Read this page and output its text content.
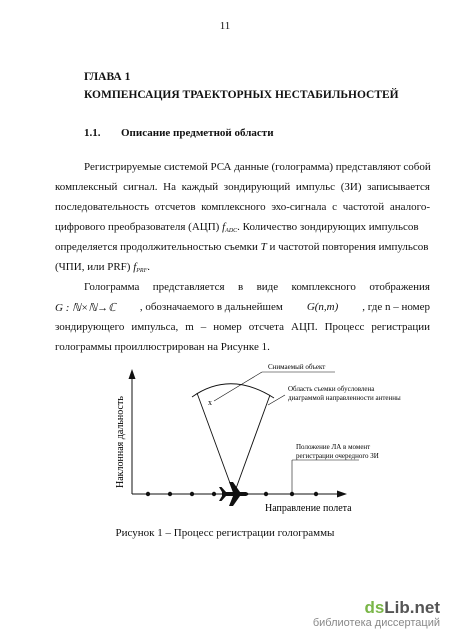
11
ГЛАВА 1
КОМПЕНСАЦИЯ ТРАЕКТОРНЫХ НЕСТАБИЛЬНОСТЕЙ
1.1. Описание предметной области
Регистрируемые системой РСА данные (голограмма) представляют собой
комплексный сигнал. На каждый зондирующий импульс (ЗИ) записывается
последовательность отсчетов комплексного эхо-сигнала с частотой аналого-
цифрового преобразователя (АЦП) $f_{ADC}$. Количество зондирующих импульсов
определяется продолжительностью съемки T и частотой повторения импульсов
(ЧПИ, или PRF) $f_{PRF}$.
Голограмма представляется в виде комплексного отображения
G : ℕ×ℕ→ℂ , обозначаемого в дальнейшем G(n,m) , где n – номер
зондирующего импульса, m – номер отсчета АЦП. Процесс регистрации
голограммы проиллюстрирован на Рисунке 1.
x
Снимаемый объект
Область съемки обусловлена
диаграммой направленности антенны
Положение ЛА в момент
регистрации очередного ЗИ
Наклонная дальность
Направление полета
Рисунок 1 – Процесс регистрации голограммы
dsLib.net
библиотека диссертаций
